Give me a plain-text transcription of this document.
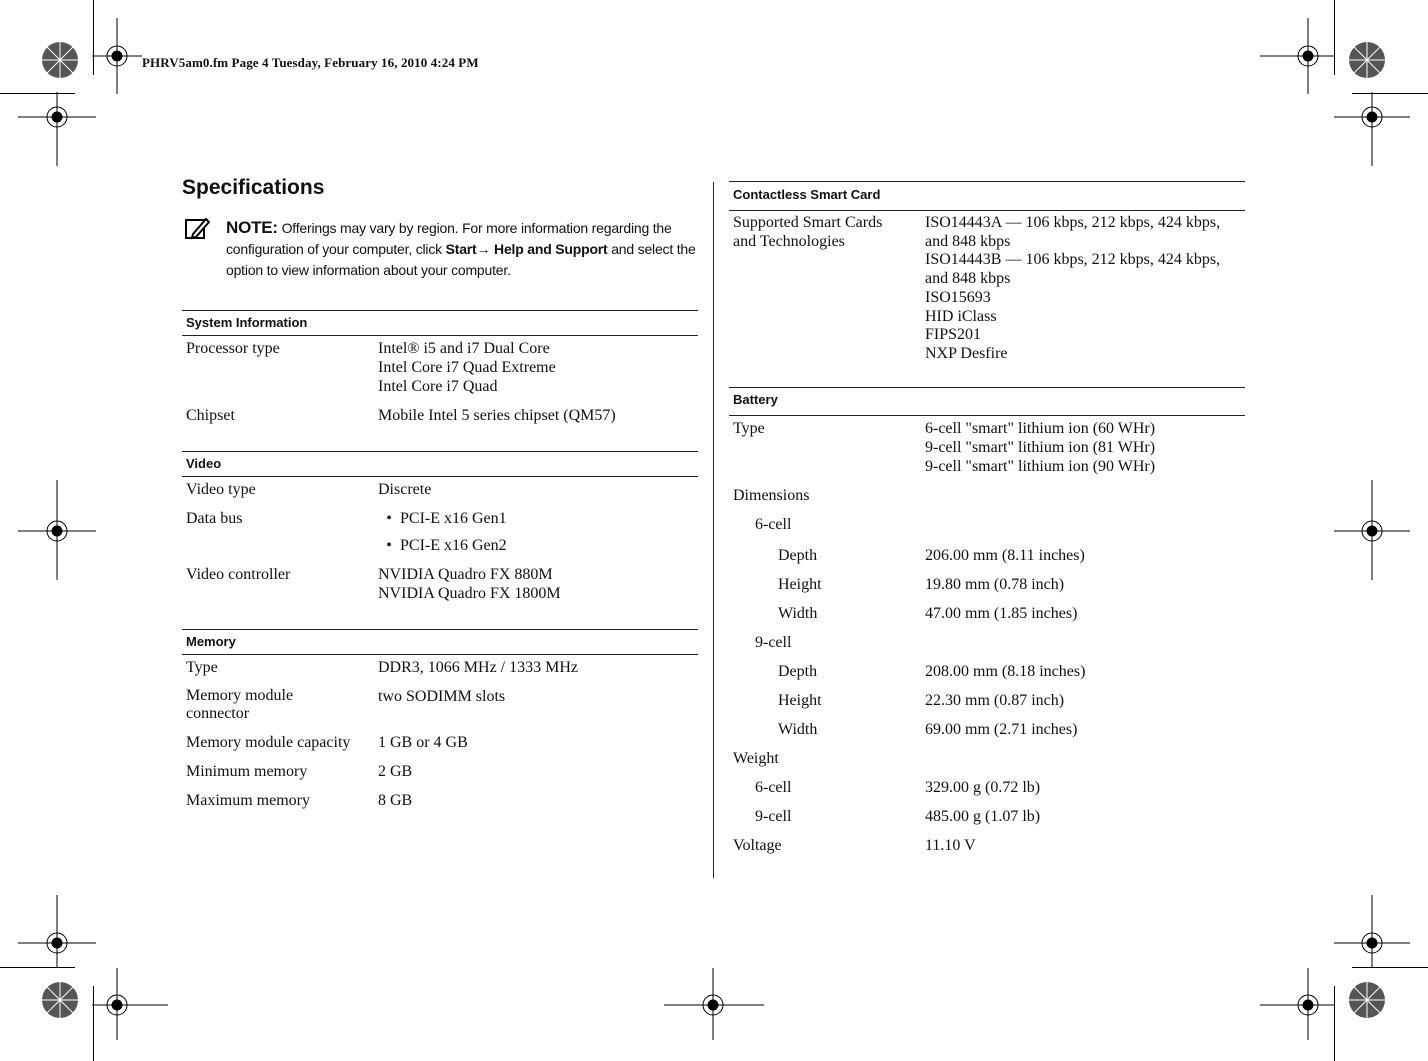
PHRV5am0.fm Page 4 Tuesday, February 16, 2010 4:24 PM
Specifications
NOTE: Offerings may vary by region. For more information regarding the configuration of your computer, click Start→ Help and Support and select the option to view information about your computer.
System Information
Processor type	Intel® i5 and i7 Dual Core
Intel Core i7 Quad Extreme
Intel Core i7 Quad
Chipset	Mobile Intel 5 series chipset (QM57)
Video
Video type	Discrete
Data bus
•	PCI-E x16 Gen1
• PCI-E x16 Gen2
Video controller	NVIDIA Quadro FX 880M
NVIDIA Quadro FX 1800M
Memory
Type	DDR3, 1066 MHz / 1333 MHz
Memory module
connector
two SODIMM slots
Memory module capacity	1 GB or 4 GB
Minimum memory	2 GB
Maximum memory	8 GB
Contactless Smart Card
Supported Smart Cards
and Technologies
ISO14443A — 106 kbps, 212 kbps, 424 kbps,
and 848 kbps
ISO14443B — 106 kbps, 212 kbps, 424 kbps,
and 848 kbps
ISO15693
HID iClass
FIPS201
NXP Desfire
Battery
Type	6-cell "smart" lithium ion (60 WHr)
9-cell "smart" lithium ion (81 WHr)
9-cell "smart" lithium ion (90 WHr)
Dimensions
6-cell
Depth	206.00 mm (8.11 inches)
Height	19.80 mm (0.78 inch)
Width	47.00 mm (1.85 inches)
9-cell
Depth	208.00 mm (8.18 inches)
Height	22.30 mm (0.87 inch)
Width	69.00 mm (2.71 inches)
Weight
6-cell	329.00 g (0.72 lb)
9-cell	485.00 g (1.07 lb)
Voltage	11.10 V
